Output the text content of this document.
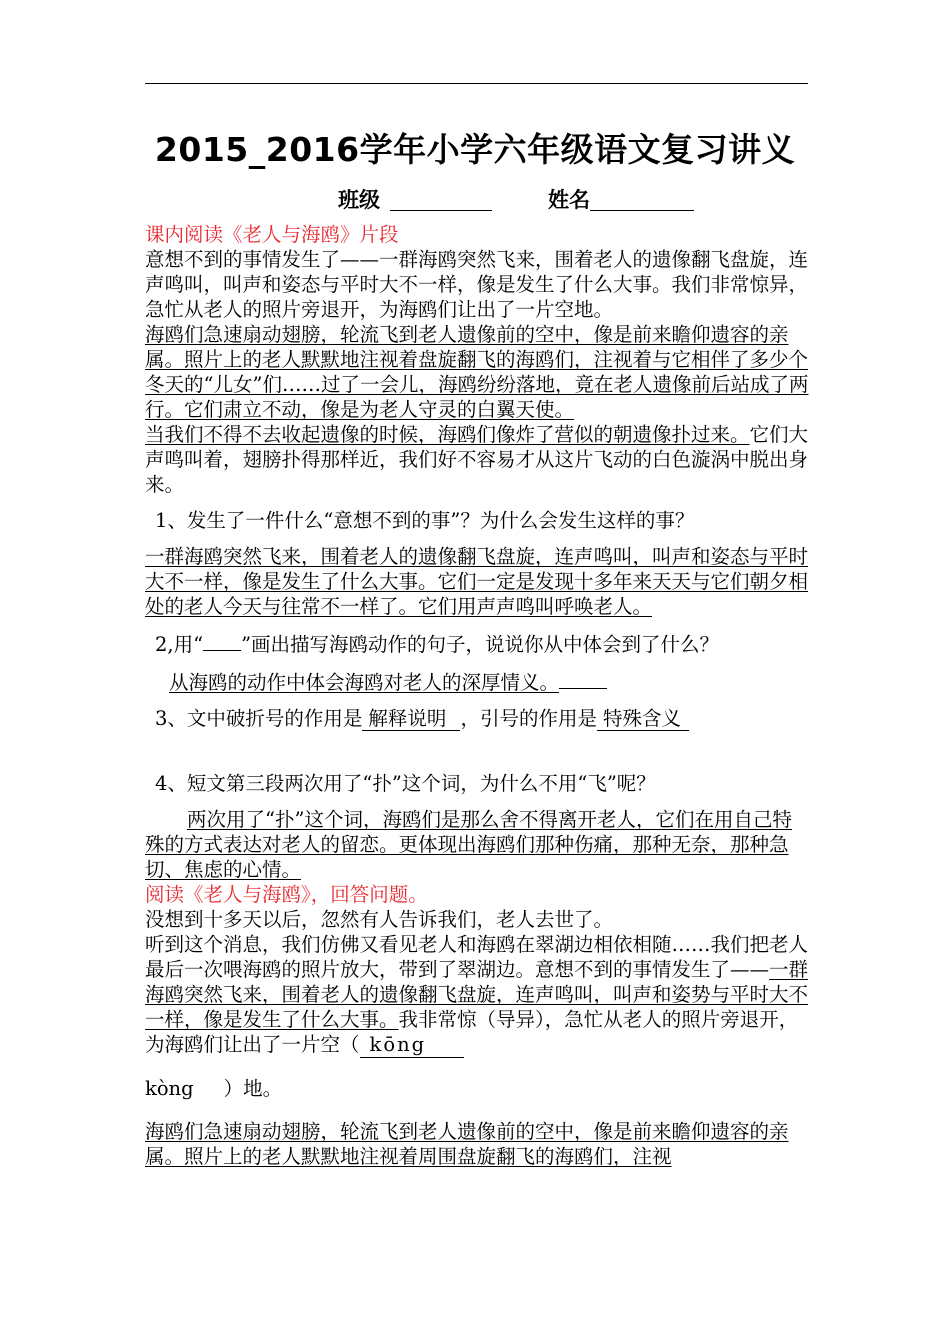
2015_2016学年小学六年级语文复习讲义
班级	姓名

课内阅读《老人与海鸥》片段

意想不到的事情发生了——一群海鸥突然飞来，围着老人的遗像翻飞盘旋，连声鸣叫，叫声和姿态与平时大不一样，像是发生了什么大事。我们非常惊异，急忙从老人的照片旁退开，为海鸥们让出了一片空地。

海鸥们急速扇动翅膀，轮流飞到老人遗像前的空中，像是前来瞻仰遗容的亲属。照片上的老人默默地注视着盘旋翻飞的海鸥们，注视着与它相伴了多少个冬天的“儿女”们……过了一会儿，海鸥纷纷落地，竟在老人遗像前后站成了两行。它们肃立不动，像是为老人守灵的白翼天使。

当我们不得不去收起遗像的时候，海鸥们像炸了营似的朝遗像扑过来。它们大声鸣叫着，翅膀扑得那样近，我们好不容易才从这片飞动的白色漩涡中脱出身来。

1、发生了一件什么“意想不到的事”？为什么会发生这样的事？

一群海鸥突然飞来，围着老人的遗像翻飞盘旋，连声鸣叫，叫声和姿态与平时大不一样，像是发生了什么大事。它们一定是发现十多年来天天与它们朝夕相处的老人今天与往常不一样了。它们用声声鸣叫呼唤老人。

2,用“ ”画出描写海鸥动作的句子，说说你从中体会到了什么？

从海鸥的动作中体会海鸥对老人的深厚情义。

3、文中破折号的作用是 解释说明 ，引号的作用是 特殊含义

4、短文第三段两次用了“扑”这个词，为什么不用“飞”呢？

两次用了“扑”这个词，海鸥们是那么舍不得离开老人，它们在用自己特殊的方式表达对老人的留恋。更体现出海鸥们那种伤痛，那种无奈，那种急切、焦虑的心情。

阅读《老人与海鸥》，回答问题。

没想到十多天以后，忽然有人告诉我们，老人去世了。

听到这个消息，我们仿佛又看见老人和海鸥在翠湖边相依相随……我们把老人最后一次喂海鸥的照片放大，带到了翠湖边。意想不到的事情发生了——一群海鸥突然飞来，围着老人的遗像翻飞盘旋，连声鸣叫，叫声和姿势与平时大不一样，像是发生了什么大事。我非常惊（导异），急忙从老人的照片旁退开，为海鸥们让出了一片空（ kōng

kòng ）地。

海鸥们急速扇动翅膀，轮流飞到老人遗像前的空中，像是前来瞻仰遗容的亲属。照片上的老人默默地注视着周围盘旋翻飞的海鸥们，注视
